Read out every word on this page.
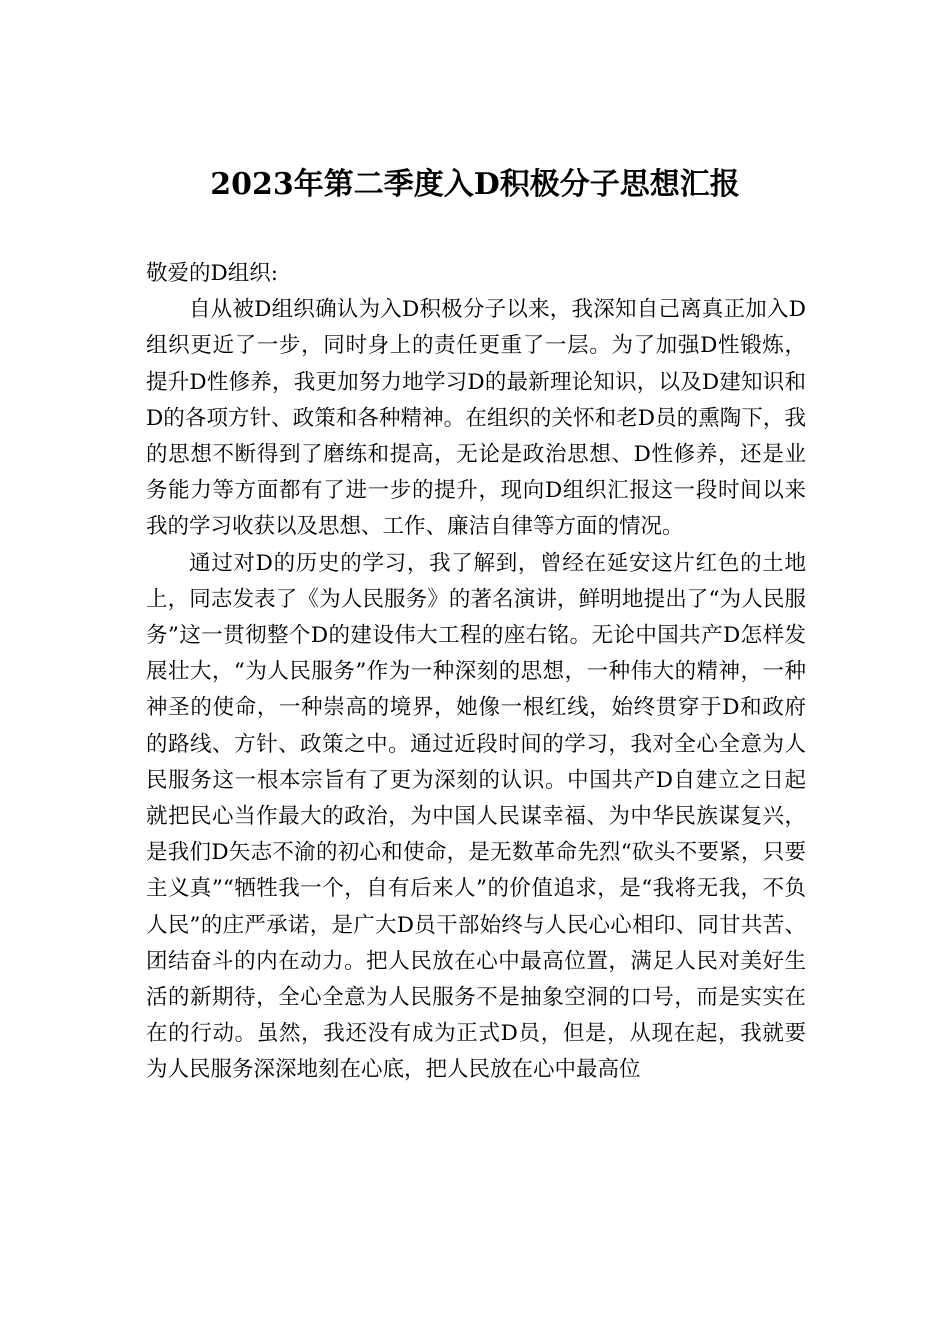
2023年第二季度入D积极分子思想汇报

敬爱的D组织:

自从被D组织确认为入D积极分子以来，我深知自己离真正加入D组织更近了一步，同时身上的责任更重了一层。为了加强D性锻炼，提升D性修养，我更加努力地学习D的最新理论知识，以及D建知识和D的各项方针、政策和各种精神。在组织的关怀和老D员的熏陶下，我的思想不断得到了磨练和提高，无论是政治思想、D性修养，还是业务能力等方面都有了进一步的提升，现向D组织汇报这一段时间以来我的学习收获以及思想、工作、廉洁自律等方面的情况。

通过对D的历史的学习，我了解到，曾经在延安这片红色的土地上，同志发表了《为人民服务》的著名演讲，鲜明地提出了“为人民服务”这一贯彻整个D的建设伟大工程的座右铭。无论中国共产D怎样发展壮大，“为人民服务”作为一种深刻的思想，一种伟大的精神，一种神圣的使命，一种崇高的境界，她像一根红线，始终贯穿于D和政府的路线、方针、政策之中。通过近段时间的学习，我对全心全意为人民服务这一根本宗旨有了更为深刻的认识。中国共产D自建立之日起就把民心当作最大的政治，为中国人民谋幸福、为中华民族谋复兴，是我们D矢志不渝的初心和使命，是无数革命先烈“砍头不要紧，只要主义真”“牺牲我一个，自有后来人”的价值追求，是“我将无我，不负人民”的庄严承诺，是广大D员干部始终与人民心心相印、同甘共苦、团结奋斗的内在动力。把人民放在心中最高位置，满足人民对美好生活的新期待，全心全意为人民服务不是抽象空洞的口号，而是实实在在的行动。虽然，我还没有成为正式D员，但是，从现在起，我就要为人民服务深深地刻在心底，把人民放在心中最高位
